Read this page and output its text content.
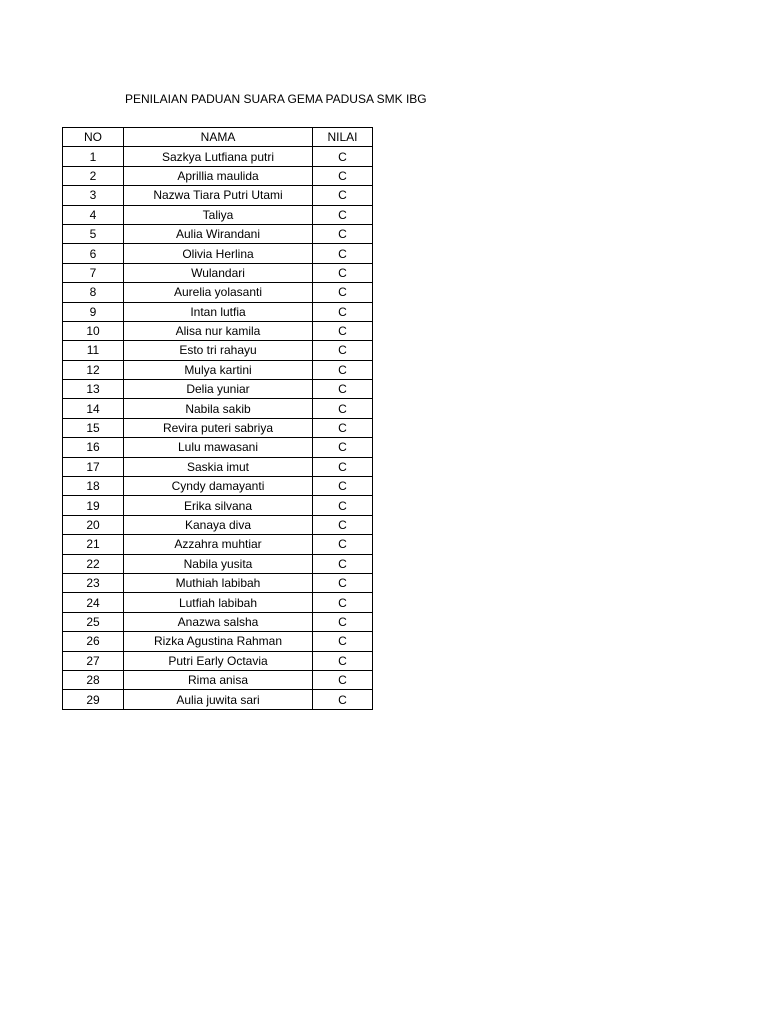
PENILAIAN PADUAN SUARA GEMA PADUSA SMK IBG
NO	NAMA	NILAI
1	Sazkya Lutfiana putri	C
2	Aprillia maulida	C
3	Nazwa Tiara Putri Utami	C
4	Taliya	C
5	Aulia Wirandani	C
6	Olivia Herlina	C
7	Wulandari	C
8	Aurelia yolasanti	C
9	Intan lutfia	C
10	Alisa nur kamila	C
11	Esto tri rahayu	C
12	Mulya kartini	C
13	Delia yuniar	C
14	Nabila sakib	C
15	Revira puteri sabriya	C
16	Lulu mawasani	C
17	Saskia imut	C
18	Cyndy damayanti	C
19	Erika silvana	C
20	Kanaya diva	C
21	Azzahra muhtiar	C
22	Nabila yusita	C
23	Muthiah labibah	C
24	Lutfiah labibah	C
25	Anazwa salsha	C
26	Rizka Agustina Rahman	C
27	Putri Early Octavia	C
28	Rima anisa	C
29	Aulia juwita sari	C
